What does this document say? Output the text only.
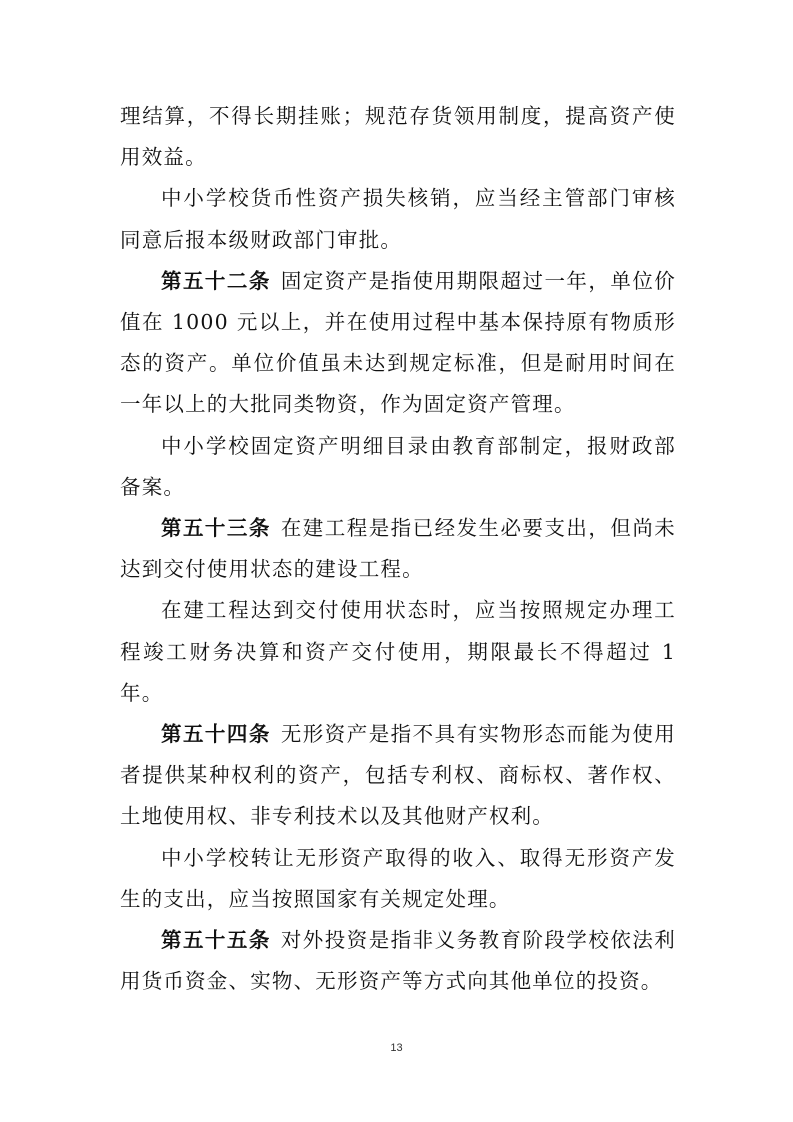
理结算，不得长期挂账；规范存货领用制度，提高资产使用效益。

中小学校货币性资产损失核销，应当经主管部门审核同意后报本级财政部门审批。

第五十二条 固定资产是指使用期限超过一年，单位价值在 1000 元以上，并在使用过程中基本保持原有物质形态的资产。单位价值虽未达到规定标准，但是耐用时间在一年以上的大批同类物资，作为固定资产管理。

中小学校固定资产明细目录由教育部制定，报财政部备案。

第五十三条 在建工程是指已经发生必要支出，但尚未达到交付使用状态的建设工程。

在建工程达到交付使用状态时，应当按照规定办理工程竣工财务决算和资产交付使用，期限最长不得超过 1 年。

第五十四条 无形资产是指不具有实物形态而能为使用者提供某种权利的资产，包括专利权、商标权、著作权、土地使用权、非专利技术以及其他财产权利。

中小学校转让无形资产取得的收入、取得无形资产发生的支出，应当按照国家有关规定处理。

第五十五条 对外投资是指非义务教育阶段学校依法利用货币资金、实物、无形资产等方式向其他单位的投资。

13
